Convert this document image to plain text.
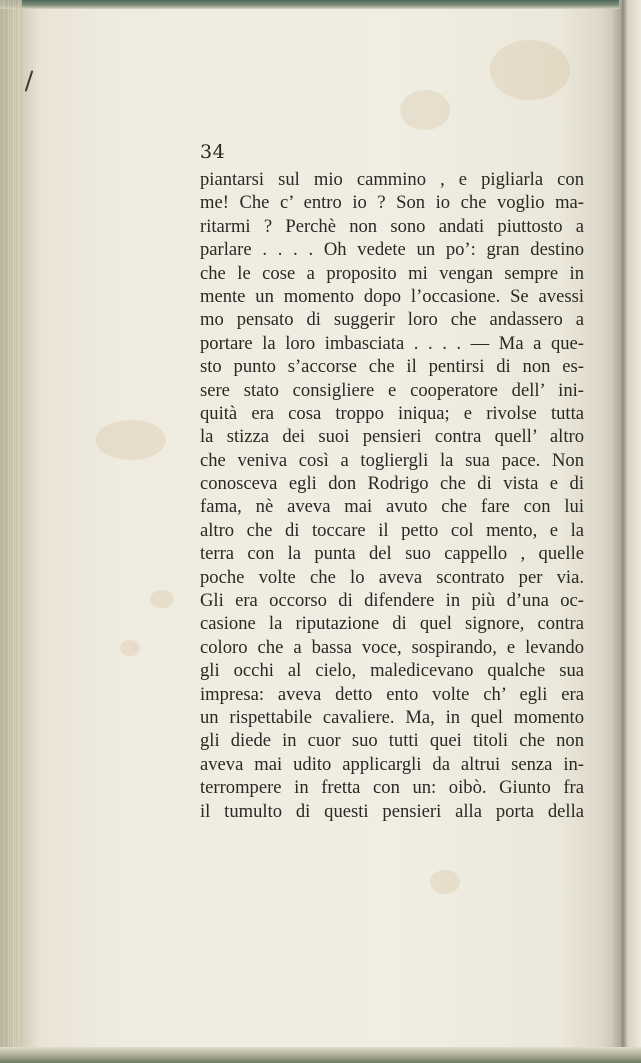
34
piantarsi sul mio cammino , e pigliarla con
me! Che c’ entro io ? Son io che voglio ma-
ritarmi ? Perchè non sono andati piuttosto a
parlare . . . . Oh vedete un po’: gran destino
che le cose a proposito mi vengan sempre in
mente un momento dopo l’occasione. Se avessi
mo pensato di suggerir loro che andassero a
portare la loro imbasciata . . . . — Ma a que-
sto punto s’accorse che il pentirsi di non es-
sere stato consigliere e cooperatore dell’ ini-
quità era cosa troppo iniqua; e rivolse tutta
la stizza dei suoi pensieri contra quell’ altro
che veniva così a togliergli la sua pace. Non
conosceva egli don Rodrigo che di vista e di
fama, nè aveva mai avuto che fare con lui
altro che di toccare il petto col mento, e la
terra con la punta del suo cappello , quelle
poche volte che lo aveva scontrato per via.
Gli era occorso di difendere in più d’una oc-
casione la riputazione di quel signore, contra
coloro che a bassa voce, sospirando, e levando
gli occhi al cielo, maledicevano qualche sua
impresa: aveva detto ento volte ch’ egli era
un rispettabile cavaliere. Ma, in quel momento
gli diede in cuor suo tutti quei titoli che non
aveva mai udito applicargli da altrui senza in-
terrompere in fretta con un: oibò. Giunto fra
il tumulto di questi pensieri alla porta della
